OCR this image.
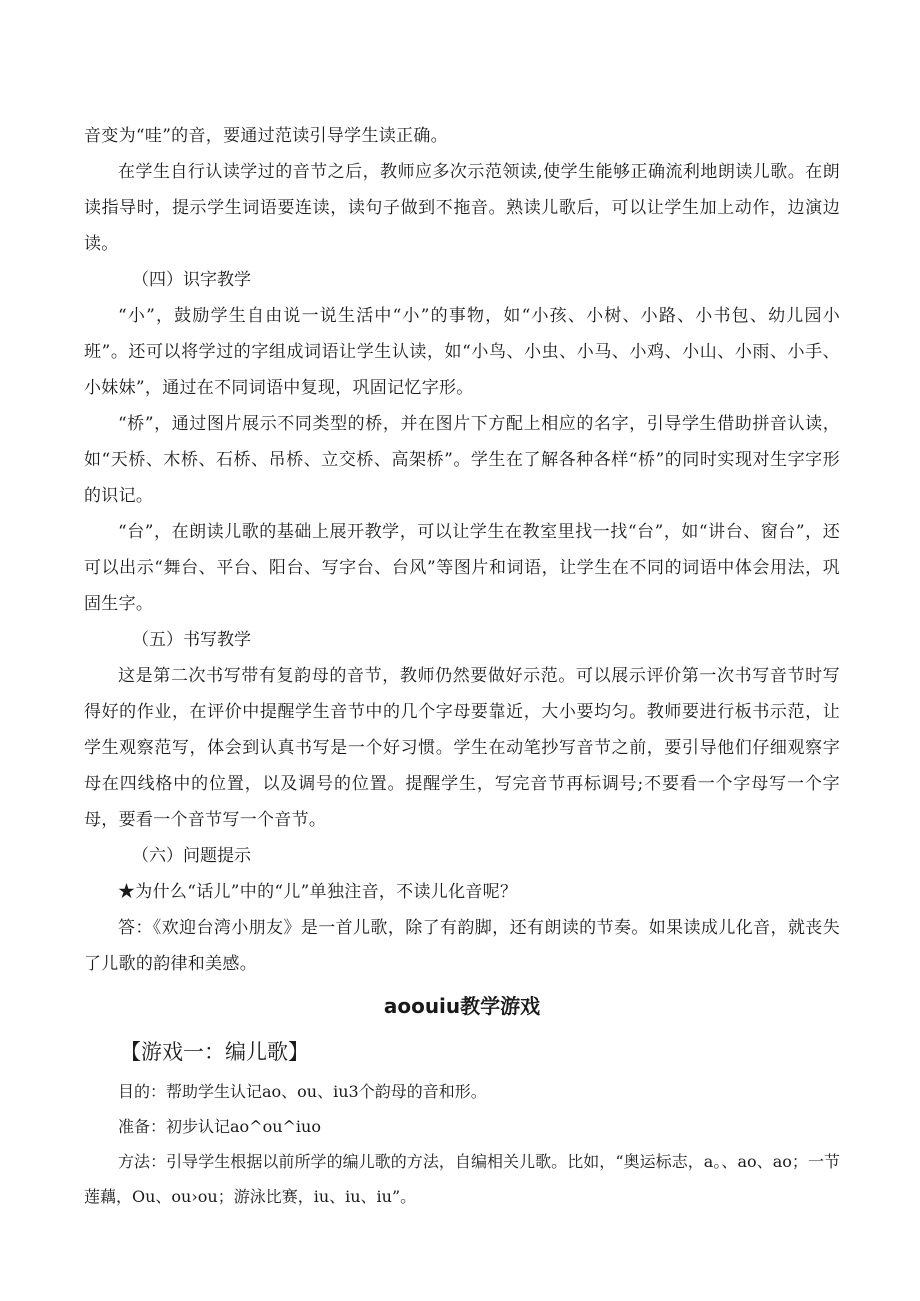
音变为“哇”的音，要通过范读引导学生读正确。

在学生自行认读学过的音节之后，教师应多次示范领读,使学生能够正确流利地朗读儿歌。在朗读指导时，提示学生词语要连读，读句子做到不拖音。熟读儿歌后，可以让学生加上动作，边演边读。

（四）识字教学

“小”，鼓励学生自由说一说生活中“小”的事物，如“小孩、小树、小路、小书包、幼儿园小班”。还可以将学过的字组成词语让学生认读，如“小鸟、小虫、小马、小鸡、小山、小雨、小手、小妹妹”，通过在不同词语中复现，巩固记忆字形。

“桥”，通过图片展示不同类型的桥，并在图片下方配上相应的名字，引导学生借助拼音认读，如“天桥、木桥、石桥、吊桥、立交桥、高架桥”。学生在了解各种各样“桥”的同时实现对生字字形的识记。

“台”，在朗读儿歌的基础上展开教学，可以让学生在教室里找一找“台”，如“讲台、窗台”，还可以出示“舞台、平台、阳台、写字台、台风”等图片和词语，让学生在不同的词语中体会用法，巩固生字。

（五）书写教学

这是第二次书写带有复韵母的音节，教师仍然要做好示范。可以展示评价第一次书写音节时写得好的作业，在评价中提醒学生音节中的几个字母要靠近，大小要均匀。教师要进行板书示范，让学生观察范写，体会到认真书写是一个好习惯。学生在动笔抄写音节之前，要引导他们仔细观察字母在四线格中的位置，以及调号的位置。提醒学生，写完音节再标调号;不要看一个字母写一个字母，要看一个音节写一个音节。

（六）问题提示

★为什么“话儿”中的“儿”单独注音，不读儿化音呢？

答：《欢迎台湾小朋友》是一首儿歌，除了有韵脚，还有朗读的节奏。如果读成儿化音，就丧失了儿歌的韵律和美感。

aoouiu教学游戏
【游戏一：编儿歌】

目的：帮助学生认记ao、ou、iu3个韵母的音和形。

准备：初步认记ao^ou^iuo

方法：引导学生根据以前所学的编儿歌的方法，自编相关儿歌。比如，“奥运标志，a。、ao、ao；一节莲藕，Ou、ou›ou；游泳比赛，iu、iu、iu”。
